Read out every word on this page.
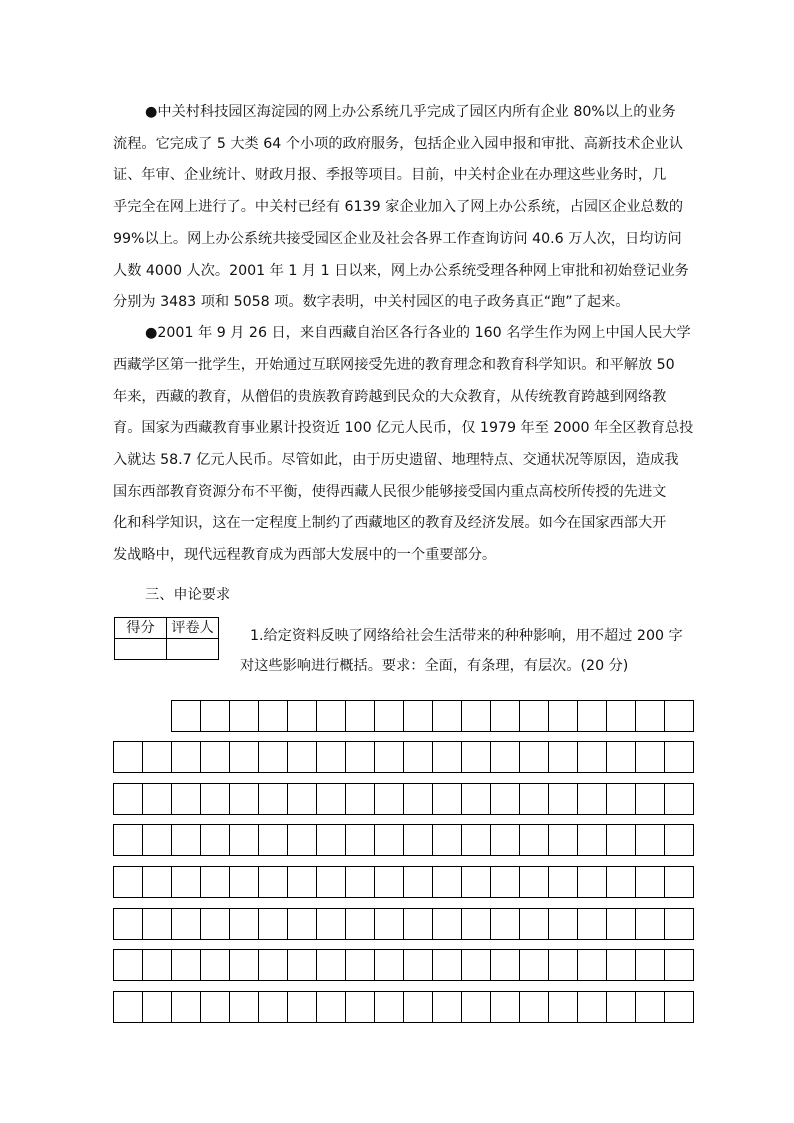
●中关村科技园区海淀园的网上办公系统几乎完成了园区内所有企业 80%以上的业务
流程。它完成了 5 大类 64 个小项的政府服务，包括企业入园申报和审批、高新技术企业认
证、年审、企业统计、财政月报、季报等项目。目前，中关村企业在办理这些业务时，几
乎完全在网上进行了。中关村已经有 6139 家企业加入了网上办公系统，占园区企业总数的
99%以上。网上办公系统共接受园区企业及社会各界工作查询访问 40.6 万人次，日均访问
人数 4000 人次。2001 年 1 月 1 日以来，网上办公系统受理各种网上审批和初始登记业务
分别为 3483 项和 5058 项。数字表明，中关村园区的电子政务真正“跑”了起来。
●2001 年 9 月 26 日，来自西藏自治区各行各业的 160 名学生作为网上中国人民大学
西藏学区第一批学生，开始通过互联网接受先进的教育理念和教育科学知识。和平解放 50
年来，西藏的教育，从僧侣的贵族教育跨越到民众的大众教育，从传统教育跨越到网络教
育。国家为西藏教育事业累计投资近 100 亿元人民币，仅 1979 年至 2000 年全区教育总投
入就达 58.7 亿元人民币。尽管如此，由于历史遗留、地理特点、交通状况等原因，造成我
国东西部教育资源分布不平衡，使得西藏人民很少能够接受国内重点高校所传授的先进文
化和科学知识，这在一定程度上制约了西藏地区的教育及经济发展。如今在国家西部大开
发战略中，现代远程教育成为西部大发展中的一个重要部分。
三、申论要求
得分	评卷人
		1.给定资料反映了网络给社会生活带来的种种影响，用不超过 200 字
对这些影响进行概括。要求：全面，有条理，有层次。(20 分)
